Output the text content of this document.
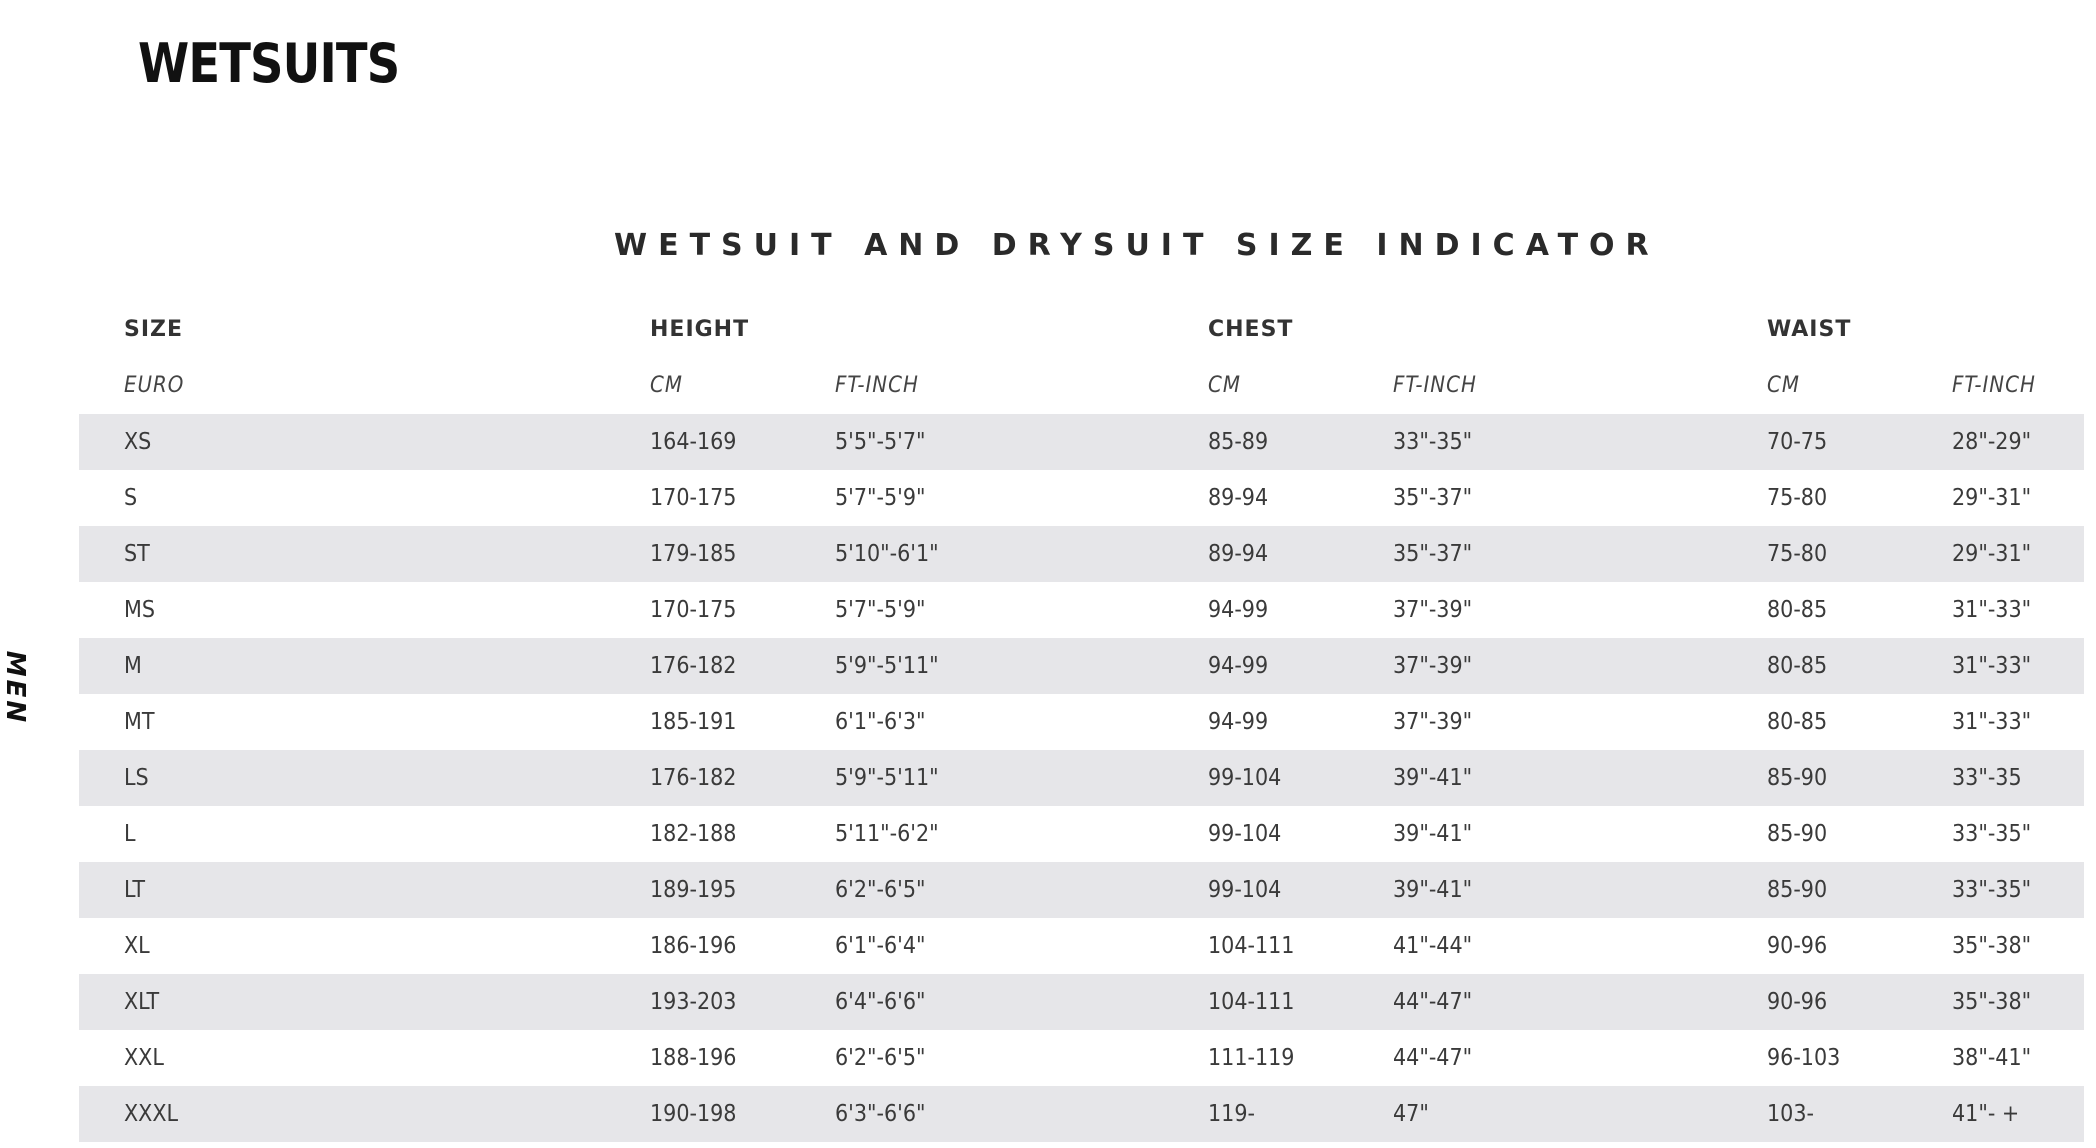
WETSUITS
MEN
WETSUIT AND DRYSUIT SIZE INDICATOR
SIZE	HEIGHT	CHEST	WAIST
EURO	CM	FT-INCH	CM	FT-INCH	CM	FT-INCH
XS	164-169	5'5"-5'7"	85-89	33"-35"	70-75	28"-29"
S	170-175	5'7"-5'9"	89-94	35"-37"	75-80	29"-31"
ST	179-185	5'10"-6'1"	89-94	35"-37"	75-80	29"-31"
MS	170-175	5'7"-5'9"	94-99	37"-39"	80-85	31"-33"
M	176-182	5'9"-5'11"	94-99	37"-39"	80-85	31"-33"
MT	185-191	6'1"-6'3"	94-99	37"-39"	80-85	31"-33"
LS	176-182	5'9"-5'11"	99-104	39"-41"	85-90	33"-35
L	182-188	5'11"-6'2"	99-104	39"-41"	85-90	33"-35"
LT	189-195	6'2"-6'5"	99-104	39"-41"	85-90	33"-35"
XL	186-196	6'1"-6'4"	104-111	41"-44"	90-96	35"-38"
XLT	193-203	6'4"-6'6"	104-111	44"-47"	90-96	35"-38"
XXL	188-196	6'2"-6'5"	111-119	44"-47"	96-103	38"-41"
XXXL	190-198	6'3"-6'6"	119-	47"	103-	41"- +
